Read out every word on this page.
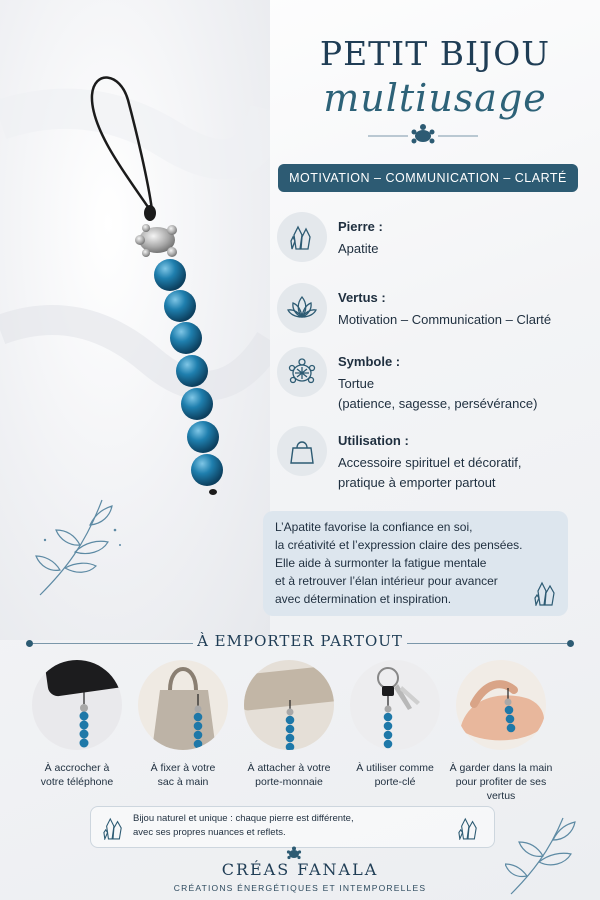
PETIT BIJOU
multiusage
MOTIVATION – COMMUNICATION – CLARTÉ
Pierre :
Apatite
Vertus :
Motivation – Communication – Clarté
Symbole :
Tortue
(patience, sagesse, persévérance)
Utilisation :
Accessoire spirituel et décoratif,
pratique à emporter partout
L’Apatite favorise la confiance en soi,
la créativité et l’expression claire des pensées.
Elle aide à surmonter la fatigue mentale
et à retrouver l’élan intérieur pour avancer
avec détermination et inspiration.
À EMPORTER PARTOUT
À accrocher à
votre téléphone
À fixer à votre
sac à main
À attacher à votre
porte-monnaie
À utiliser comme
porte-clé
À garder dans la main
pour profiter de ses vertus
Bijou naturel et unique : chaque pierre est différente,
avec ses propres nuances et reflets.
CRÉAS FANALA
CRÉATIONS ÉNERGÉTIQUES ET INTEMPORELLES
